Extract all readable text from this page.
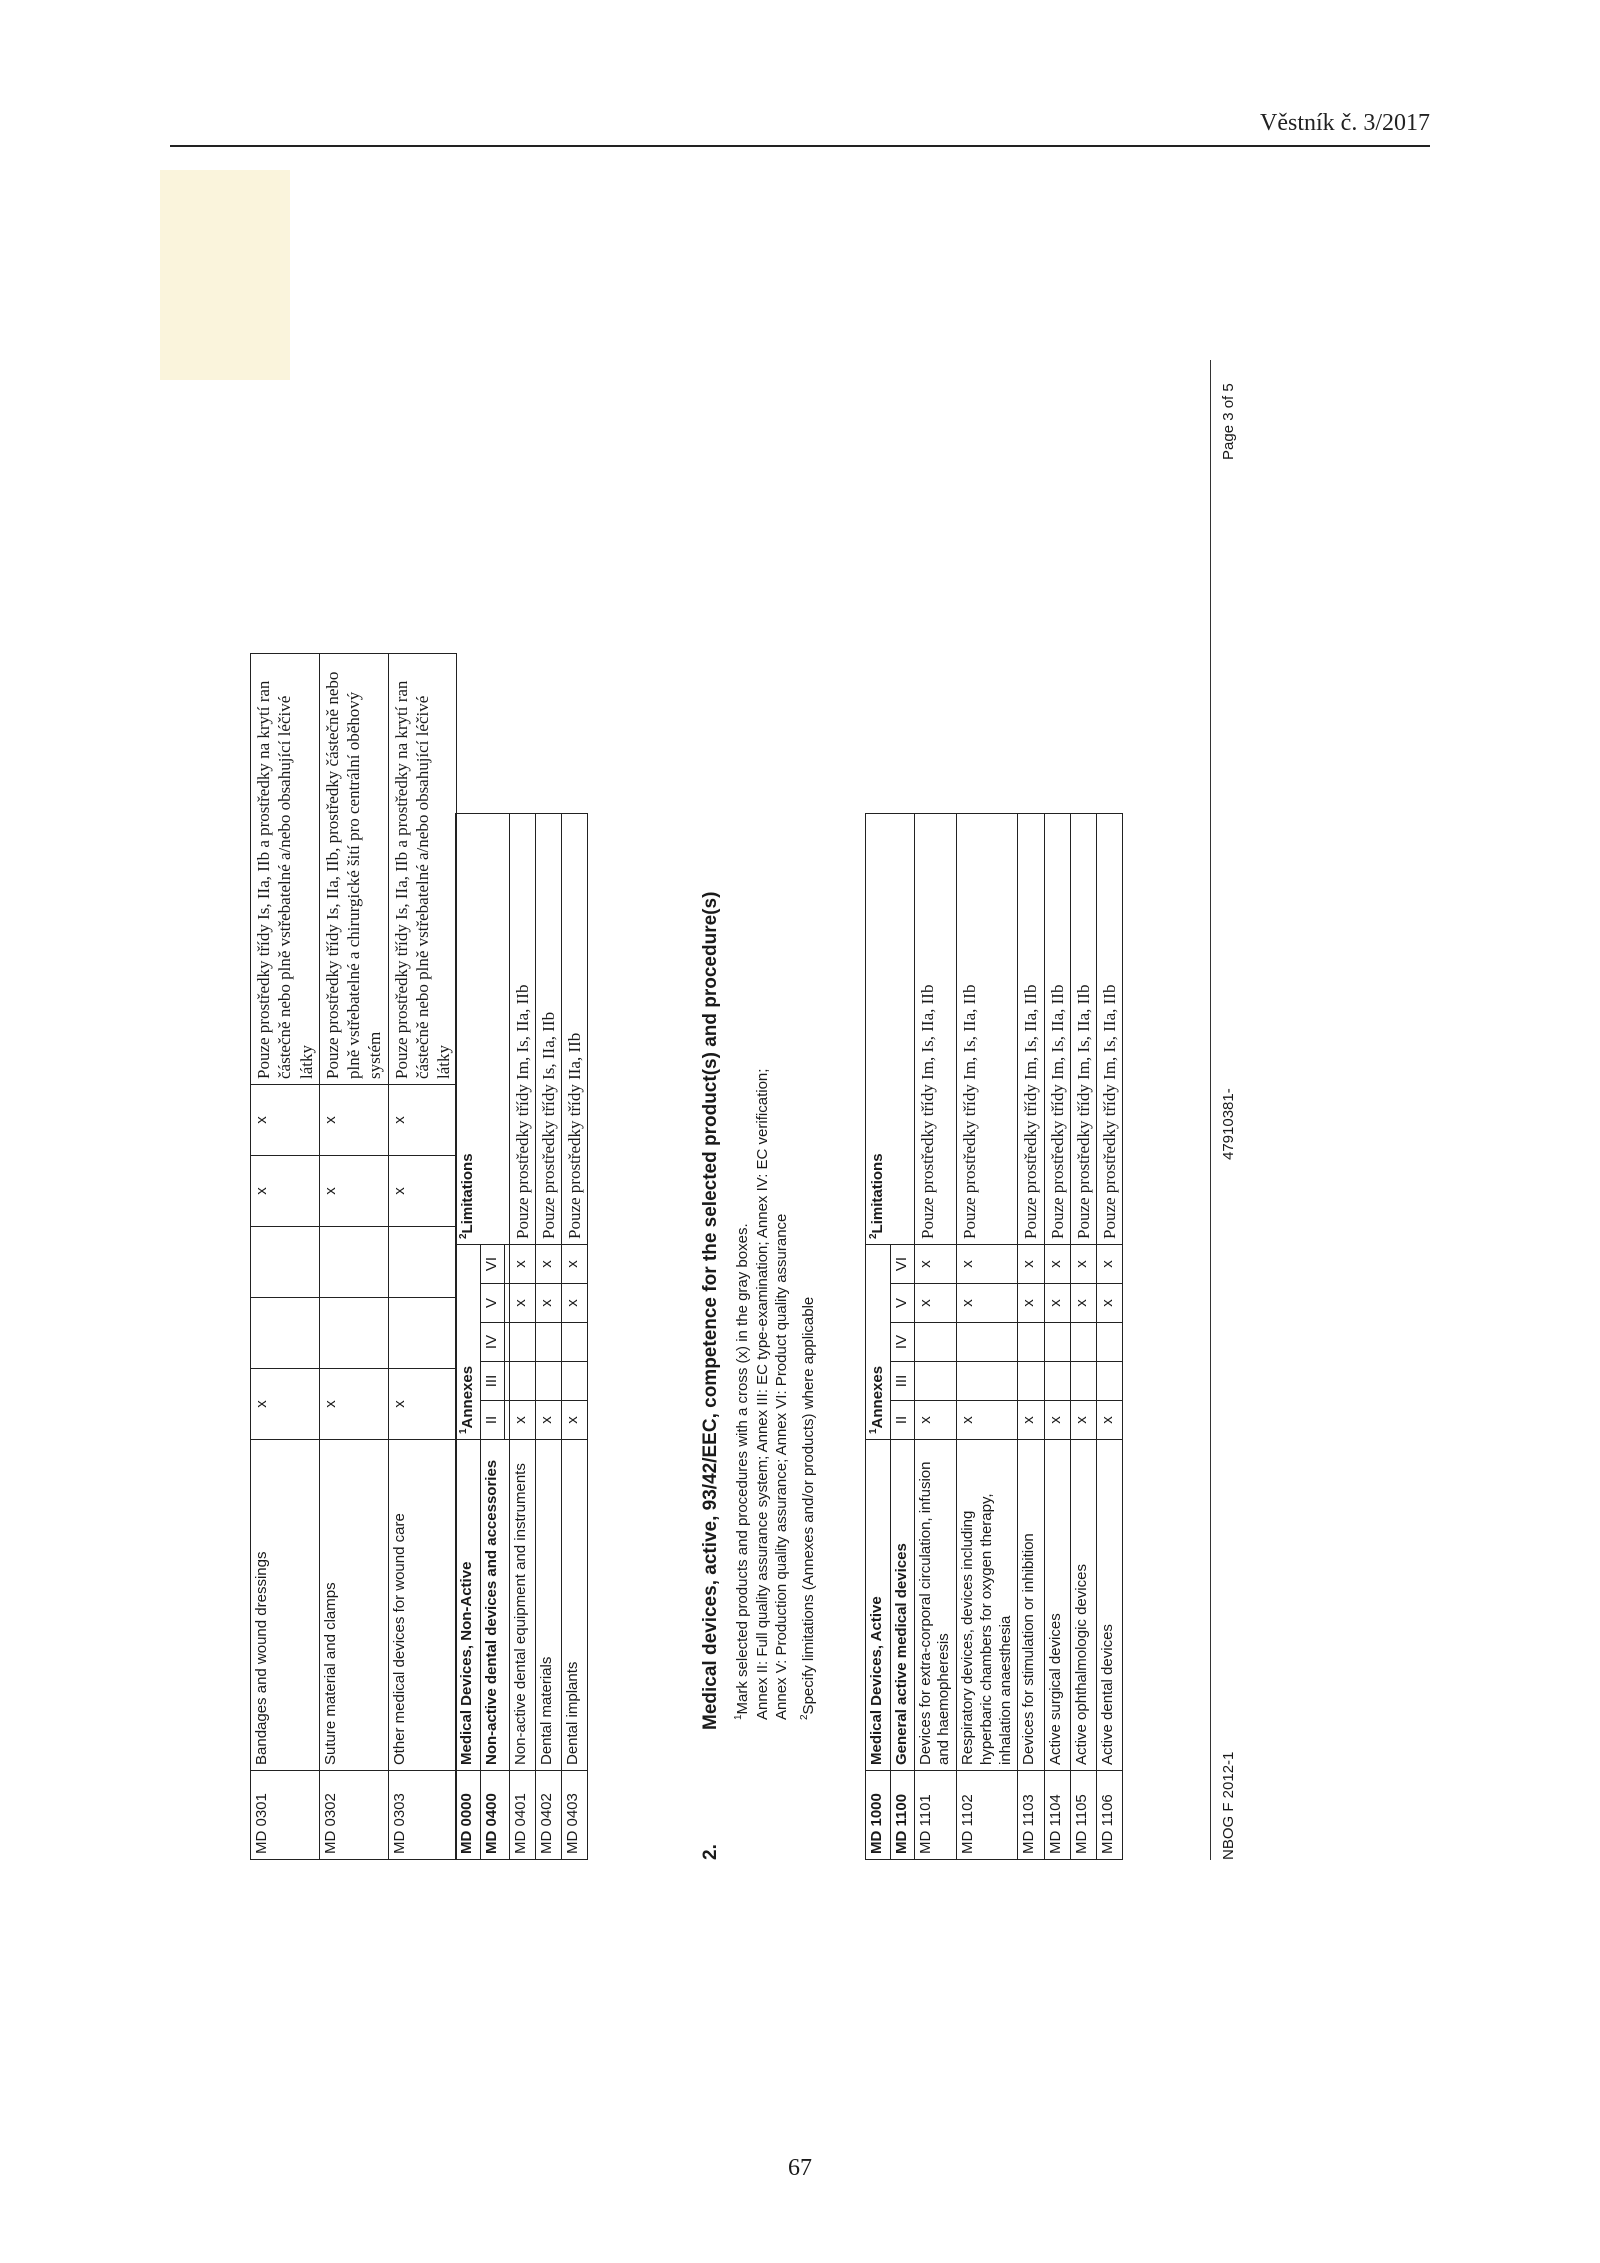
Věstník č. 3/2017
MD 0301	Bandages and wound dressings	x			x	x	Pouze prostředky třídy Is, IIa, IIb a prostředky na krytí ran částečně nebo plně vstřebatelné a/nebo obsahující léčivé látky
MD 0302	Suture material and clamps	x			x	x	Pouze prostředky třídy Is, IIa, IIb, prostředky částečně nebo plně vstřebatelné a chirurgické šití pro centrální oběhový systém
MD 0303	Other medical devices for wound care	x			x	x	Pouze prostředky třídy Is, IIa, IIb a prostředky na krytí ran částečně nebo plně vstřebatelné a/nebo obsahující léčivé látky
MD 0000	Medical Devices, Non-Active	$^1$Annexes					$^2$Limitations
MD 0400	Non-active dental devices and accessories	II	III	IV	V	VI	

MD 0401	Non-active dental equipment and instruments	x			x	x	Pouze prostředky třídy Im, Is, IIa, IIb
MD 0402	Dental materials	x			x	x	Pouze prostředky třídy Is, IIa, IIb
MD 0403	Dental implants	x			x	x	Pouze prostředky třídy IIa, IIb
2.Medical devices, active, 93/42/EEC, competence for the selected product(s) and procedure(s) $^1$Mark selected products and procedures with a cross (x) in the gray boxes. Annex II: Full quality assurance system; Annex III: EC type-examination; Annex IV: EC verification; Annex V: Production quality assurance; Annex VI: Product quality assurance $^2$Specify limitations (Annexes and/or products) where applicable

MD 1000	Medical Devices, Active	$^1$Annexes					$^2$Limitations
MD 1100	General active medical devices	II	III	IV	V	VI	
MD 1101	Devices for extra-corporal circulation, infusion and haemopheresis	x			x	x	Pouze prostředky třídy Im, Is, IIa, IIb
MD 1102	Respiratory devices, devices including hyperbaric chambers for oxygen therapy, inhalation anaesthesia	x			x	x	Pouze prostředky třídy Im, Is, IIa, IIb
MD 1103	Devices for stimulation or inhibition	x			x	x	Pouze prostředky třídy Im, Is, IIa, IIb
MD 1104	Active surgical devices	x			x	x	Pouze prostředky třídy Im, Is, IIa, IIb
MD 1105	Active ophthalmologic devices	x			x	x	Pouze prostředky třídy Im, Is, IIa, IIb
MD 1106	Active dental devices	x			x	x	Pouze prostředky třídy Im, Is, IIa, IIb
NBOG F 2012-1
47910381-
Page 3 of 5
67
